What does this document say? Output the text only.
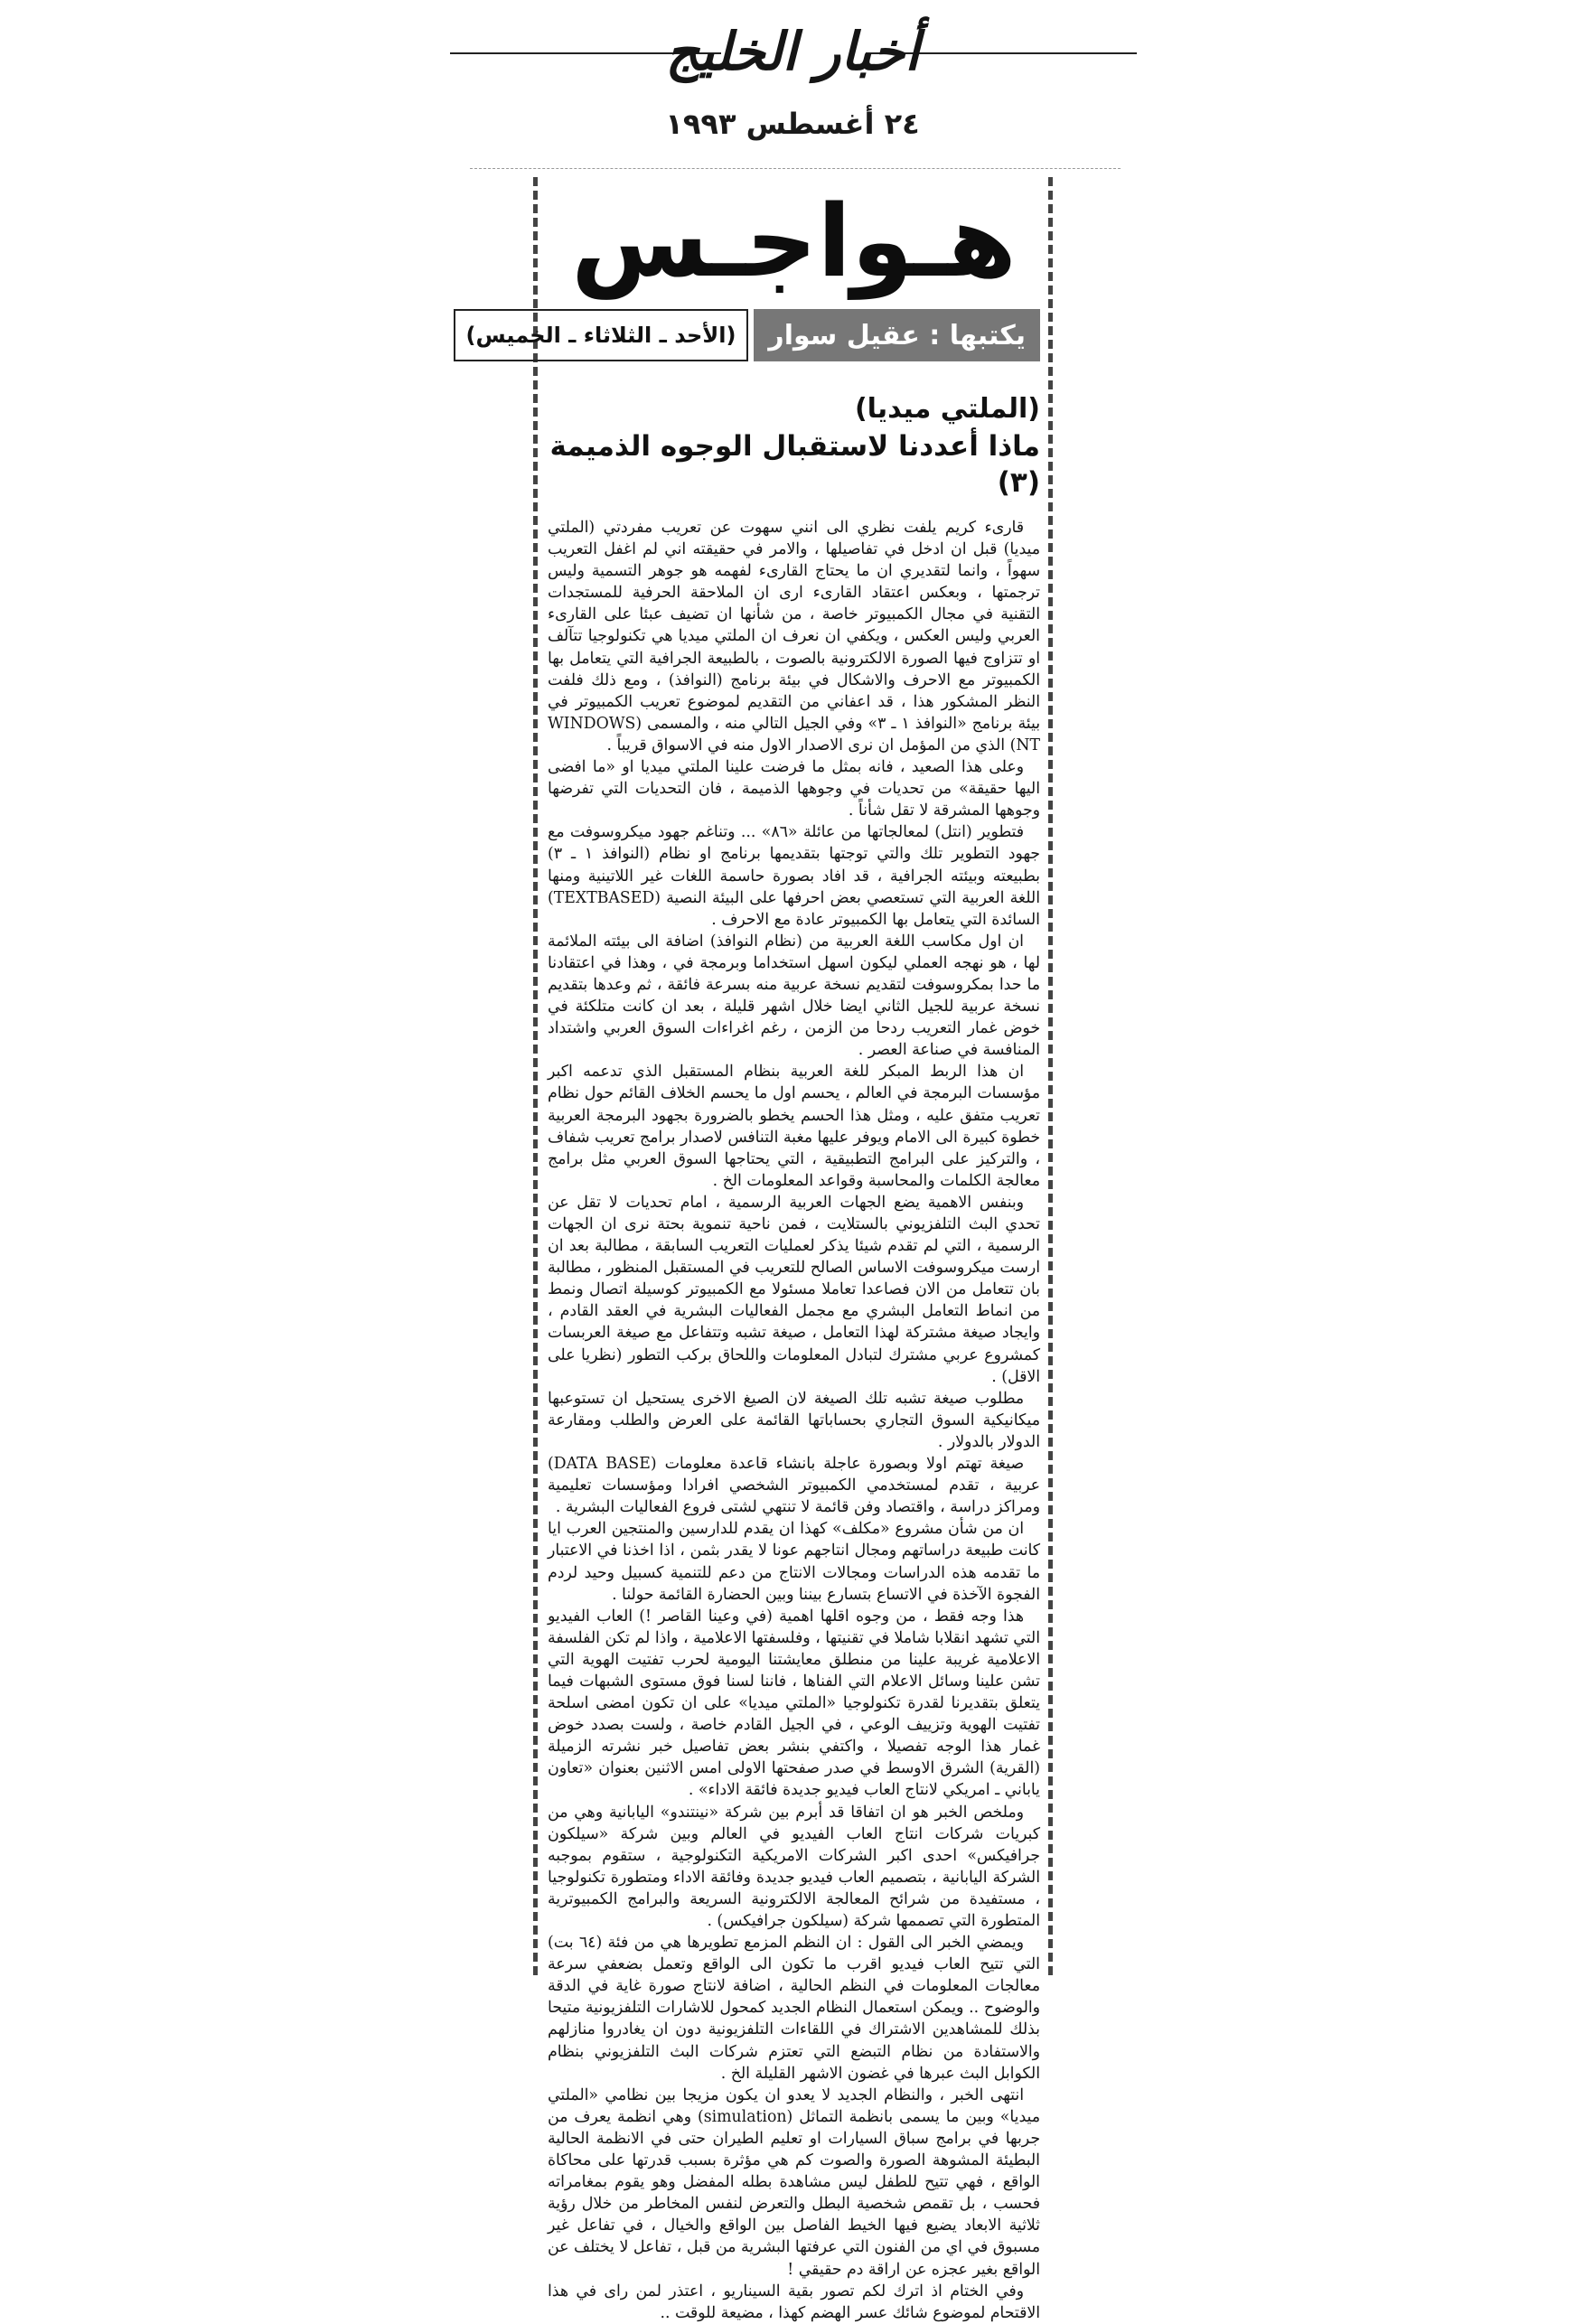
أخبار الخليج
٢٤ أغسطس ١٩٩٣
هـواجـس
يكتبها : عقيل سوار
(الأحد ـ الثلاثاء ـ الخميس)
(الملتي ميديا)
ماذا أعددنا لاستقبال الوجوه الذميمة (٣)

قارىء كريم يلفت نظري الى انني سهوت عن تعريب مفردتي (الملتي ميديا) قبل ان ادخل في تفاصيلها ، والامر في حقيقته اني لم اغفل التعريب سهواً ، وانما لتقديري ان ما يحتاج القارىء لفهمه هو جوهر التسمية وليس ترجمتها ، وبعكس اعتقاد القارىء ارى ان الملاحقة الحرفية للمستجدات التقنية في مجال الكمبيوتر خاصة ، من شأنها ان تضيف عبئا على القارىء العربي وليس العكس ، ويكفي ان نعرف ان الملتي ميديا هي تكنولوجيا تتآلف او تتزاوج فيها الصورة الالكترونية بالصوت ، بالطبيعة الجرافية التي يتعامل بها الكمبيوتر مع الاحرف والاشكال في بيئة برنامج (النوافذ) ، ومع ذلك فلفت النظر المشكور هذا ، قد اعفاني من التقديم لموضوع تعريب الكمبيوتر في بيئة برنامج «النوافذ ١ ـ ٣» وفي الجيل التالي منه ، والمسمى (WINDOWS NT) الذي من المؤمل ان نرى الاصدار الاول منه في الاسواق قريباً .

وعلى هذا الصعيد ، فانه بمثل ما فرضت علينا الملتي ميديا او «ما افضى اليها حقيقة» من تحديات في وجوهها الذميمة ، فان التحديات التي تفرضها وجوهها المشرقة لا تقل شأناً .

فتطوير (انتل) لمعالجاتها من عائلة «٨٦» ... وتناغم جهود ميكروسوفت مع جهود التطوير تلك والتي توجتها بتقديمها برنامج او نظام (النوافذ ١ ـ ٣) بطبيعته وبيئته الجرافية ، قد افاد بصورة حاسمة اللغات غير اللاتينية ومنها اللغة العربية التي تستعصي بعض احرفها على البيئة النصية (TEXTBASED) السائدة التي يتعامل بها الكمبيوتر عادة مع الاحرف .

ان اول مكاسب اللغة العربية من (نظام النوافذ) اضافة الى بيئته الملائمة لها ، هو نهجه العملي ليكون اسهل استخداما وبرمجة في ، وهذا في اعتقادنا ما حدا بمكروسوفت لتقديم نسخة عربية منه بسرعة فائقة ، ثم وعدها بتقديم نسخة عربية للجيل الثاني ايضا خلال اشهر قليلة ، بعد ان كانت متلكئة في خوض غمار التعريب ردحا من الزمن ، رغم اغراءات السوق العربي واشتداد المنافسة في صناعة العصر .

ان هذا الربط المبكر للغة العربية بنظام المستقبل الذي تدعمه اكبر مؤسسات البرمجة في العالم ، يحسم اول ما يحسم الخلاف القائم حول نظام تعريب متفق عليه ، ومثل هذا الحسم يخطو بالضرورة بجهود البرمجة العربية خطوة كبيرة الى الامام ويوفر عليها مغبة التنافس لاصدار برامج تعريب شفاف ، والتركيز على البرامج التطبيقية ، التي يحتاجها السوق العربي مثل برامج معالجة الكلمات والمحاسبة وقواعد المعلومات الخ .

وبنفس الاهمية يضع الجهات العربية الرسمية ، امام تحديات لا تقل عن تحدي البث التلفزيوني بالستلايت ، فمن ناحية تنموية بحتة نرى ان الجهات الرسمية ، التي لم تقدم شيئا يذكر لعمليات التعريب السابقة ، مطالبة بعد ان ارست ميكروسوفت الاساس الصالح للتعريب في المستقبل المنظور ، مطالبة بان تتعامل من الان فصاعدا تعاملا مسئولا مع الكمبيوتر كوسيلة اتصال ونمط من انماط التعامل البشري مع مجمل الفعاليات البشرية في العقد القادم ، وايجاد صيغة مشتركة لهذا التعامل ، صيغة تشبه وتتفاعل مع صيغة العربسات كمشروع عربي مشترك لتبادل المعلومات واللحاق بركب التطور (نظريا على الاقل) .

مطلوب صيغة تشبه تلك الصيغة لان الصيغ الاخرى يستحيل ان تستوعبها ميكانيكية السوق التجاري بحساباتها القائمة على العرض والطلب ومقارعة الدولار بالدولار .

صيغة تهتم اولا وبصورة عاجلة بانشاء قاعدة معلومات (DATA BASE) عربية ، تقدم لمستخدمي الكمبيوتر الشخصي افرادا ومؤسسات تعليمية ومراكز دراسة ، واقتصاد وفن قائمة لا تنتهي لشتى فروع الفعاليات البشرية .

ان من شأن مشروع «مكلف» كهذا ان يقدم للدارسين والمنتجين العرب ايا كانت طبيعة دراساتهم ومجال انتاجهم عونا لا يقدر بثمن ، اذا اخذنا في الاعتبار ما تقدمه هذه الدراسات ومجالات الانتاج من دعم للتنمية كسبيل وحيد لردم الفجوة الآخذة في الاتساع بتسارع بيننا وبين الحضارة القائمة حولنا .

هذا وجه فقط ، من وجوه اقلها اهمية (في وعينا القاصر !) العاب الفيديو التي تشهد انقلابا شاملا في تقنيتها ، وفلسفتها الاعلامية ، واذا لم تكن الفلسفة الاعلامية غريبة علينا من منطلق معايشتنا اليومية لحرب تفتيت الهوية التي تشن علينا وسائل الاعلام التي الفناها ، فاننا لسنا فوق مستوى الشبهات فيما يتعلق بتقديرنا لقدرة تكنولوجيا «الملتي ميديا» على ان تكون امضى اسلحة تفتيت الهوية وتزييف الوعي ، في الجيل القادم خاصة ، ولست بصدد خوض غمار هذا الوجه تفصيلا ، واكتفي بنشر بعض تفاصيل خبر نشرته الزميلة (القرية) الشرق الاوسط في صدر صفحتها الاولى امس الاثنين بعنوان «تعاون ياباني ـ امريكي لانتاج العاب فيديو جديدة فائقة الاداء» .

وملخص الخبر هو ان اتفاقا قد أبرم بين شركة «نينتندو» اليابانية وهي من كبريات شركات انتاج العاب الفيديو في العالم وبين شركة «سيلكون جرافيكس» احدى اكبر الشركات الامريكية التكنولوجية ، ستقوم بموجبه الشركة اليابانية ، بتصميم العاب فيديو جديدة وفائقة الاداء ومتطورة تكنولوجيا ، مستفيدة من شرائح المعالجة الالكترونية السريعة والبرامج الكمبيوترية المتطورة التي تصممها شركة (سيلكون جرافيكس) .

ويمضي الخبر الى القول : ان النظم المزمع تطويرها هي من فئة (٦٤ بت) التي تتيح العاب فيديو اقرب ما تكون الى الواقع وتعمل بضعفي سرعة معالجات المعلومات في النظم الحالية ، اضافة لانتاج صورة غاية في الدقة والوضوح .. ويمكن استعمال النظام الجديد كمحول للاشارات التلفزيونية متيحا بذلك للمشاهدين الاشتراك في اللقاءات التلفزيونية دون ان يغادروا منازلهم والاستفادة من نظام التبضع التي تعتزم شركات البث التلفزيوني بنظام الكوابل البث عبرها في غضون الاشهر القليلة الخ .

انتهى الخبر ، والنظام الجديد لا يعدو ان يكون مزيجا بين نظامي «الملتي ميديا» وبين ما يسمى بانظمة التماثل (simulation) وهي انظمة يعرف من جربها في برامج سباق السيارات او تعليم الطيران حتى في الانظمة الحالية البطيئة المشوهة الصورة والصوت كم هي مؤثرة بسبب قدرتها على محاكاة الواقع ، فهي تتيح للطفل ليس مشاهدة بطله المفضل وهو يقوم بمغامراته فحسب ، بل تقمص شخصية البطل والتعرض لنفس المخاطر من خلال رؤية ثلاثية الابعاد يضيع فيها الخيط الفاصل بين الواقع والخيال ، في تفاعل غير مسبوق في اي من الفنون التي عرفتها البشرية من قبل ، تفاعل لا يختلف عن الواقع بغير عجزه عن اراقة دم حقيقي !

وفي الختام اذ اترك لكم تصور بقية السيناريو ، اعتذر لمن راى في هذا الاقتحام لموضوع شائك عسر الهضم كهذا ، مضيعة للوقت ..
